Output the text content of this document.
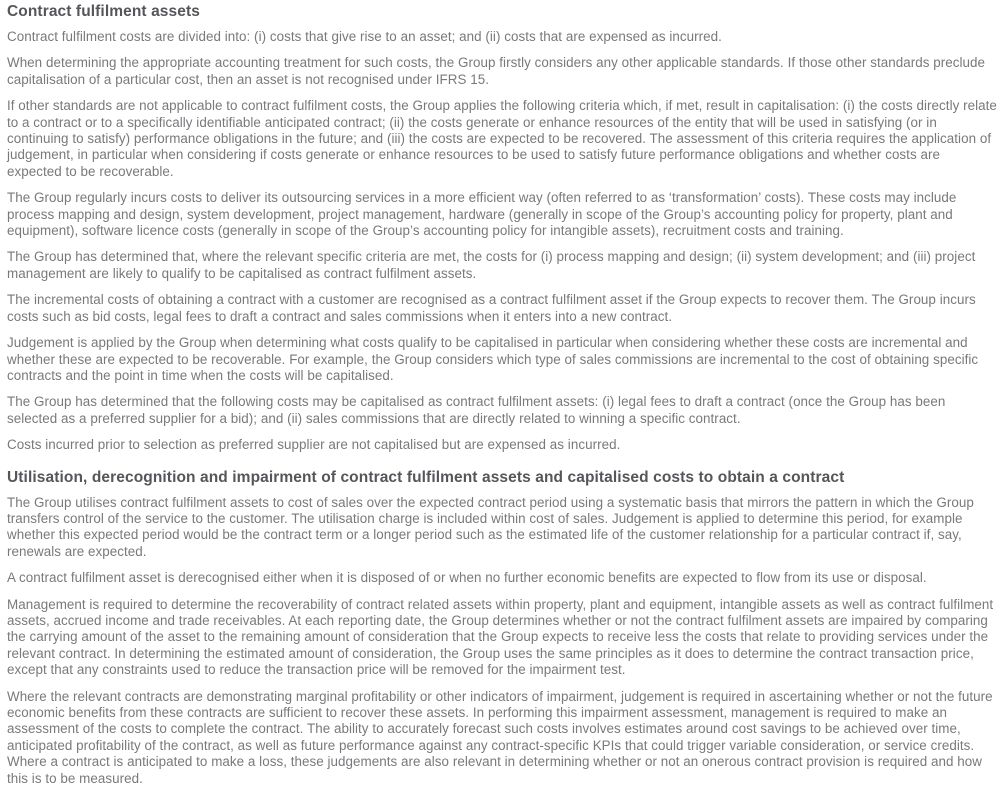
Contract fulfilment assets

Contract fulfilment costs are divided into: (i) costs that give rise to an asset; and (ii) costs that are expensed as incurred.

When determining the appropriate accounting treatment for such costs, the Group firstly considers any other applicable standards. If those other standards preclude capitalisation of a particular cost, then an asset is not recognised under IFRS 15.

If other standards are not applicable to contract fulfilment costs, the Group applies the following criteria which, if met, result in capitalisation: (i) the costs directly relate to a contract or to a specifically identifiable anticipated contract; (ii) the costs generate or enhance resources of the entity that will be used in satisfying (or in continuing to satisfy) performance obligations in the future; and (iii) the costs are expected to be recovered. The assessment of this criteria requires the application of judgement, in particular when considering if costs generate or enhance resources to be used to satisfy future performance obligations and whether costs are expected to be recoverable.

The Group regularly incurs costs to deliver its outsourcing services in a more efficient way (often referred to as ‘transformation’ costs). These costs may include process mapping and design, system development, project management, hardware (generally in scope of the Group’s accounting policy for property, plant and equipment), software licence costs (generally in scope of the Group’s accounting policy for intangible assets), recruitment costs and training.

The Group has determined that, where the relevant specific criteria are met, the costs for (i) process mapping and design; (ii) system development; and (iii) project management are likely to qualify to be capitalised as contract fulfilment assets.

The incremental costs of obtaining a contract with a customer are recognised as a contract fulfilment asset if the Group expects to recover them. The Group incurs costs such as bid costs, legal fees to draft a contract and sales commissions when it enters into a new contract.

Judgement is applied by the Group when determining what costs qualify to be capitalised in particular when considering whether these costs are incremental and whether these are expected to be recoverable. For example, the Group considers which type of sales commissions are incremental to the cost of obtaining specific contracts and the point in time when the costs will be capitalised.

The Group has determined that the following costs may be capitalised as contract fulfilment assets: (i) legal fees to draft a contract (once the Group has been selected as a preferred supplier for a bid); and (ii) sales commissions that are directly related to winning a specific contract.

Costs incurred prior to selection as preferred supplier are not capitalised but are expensed as incurred.

Utilisation, derecognition and impairment of contract fulfilment assets and capitalised costs to obtain a contract

The Group utilises contract fulfilment assets to cost of sales over the expected contract period using a systematic basis that mirrors the pattern in which the Group transfers control of the service to the customer. The utilisation charge is included within cost of sales. Judgement is applied to determine this period, for example whether this expected period would be the contract term or a longer period such as the estimated life of the customer relationship for a particular contract if, say, renewals are expected.

A contract fulfilment asset is derecognised either when it is disposed of or when no further economic benefits are expected to flow from its use or disposal.

Management is required to determine the recoverability of contract related assets within property, plant and equipment, intangible assets as well as contract fulfilment assets, accrued income and trade receivables. At each reporting date, the Group determines whether or not the contract fulfilment assets are impaired by comparing the carrying amount of the asset to the remaining amount of consideration that the Group expects to receive less the costs that relate to providing services under the relevant contract. In determining the estimated amount of consideration, the Group uses the same principles as it does to determine the contract transaction price, except that any constraints used to reduce the transaction price will be removed for the impairment test.

Where the relevant contracts are demonstrating marginal profitability or other indicators of impairment, judgement is required in ascertaining whether or not the future economic benefits from these contracts are sufficient to recover these assets. In performing this impairment assessment, management is required to make an assessment of the costs to complete the contract. The ability to accurately forecast such costs involves estimates around cost savings to be achieved over time, anticipated profitability of the contract, as well as future performance against any contract-specific KPIs that could trigger variable consideration, or service credits. Where a contract is anticipated to make a loss, these judgements are also relevant in determining whether or not an onerous contract provision is required and how this is to be measured.
